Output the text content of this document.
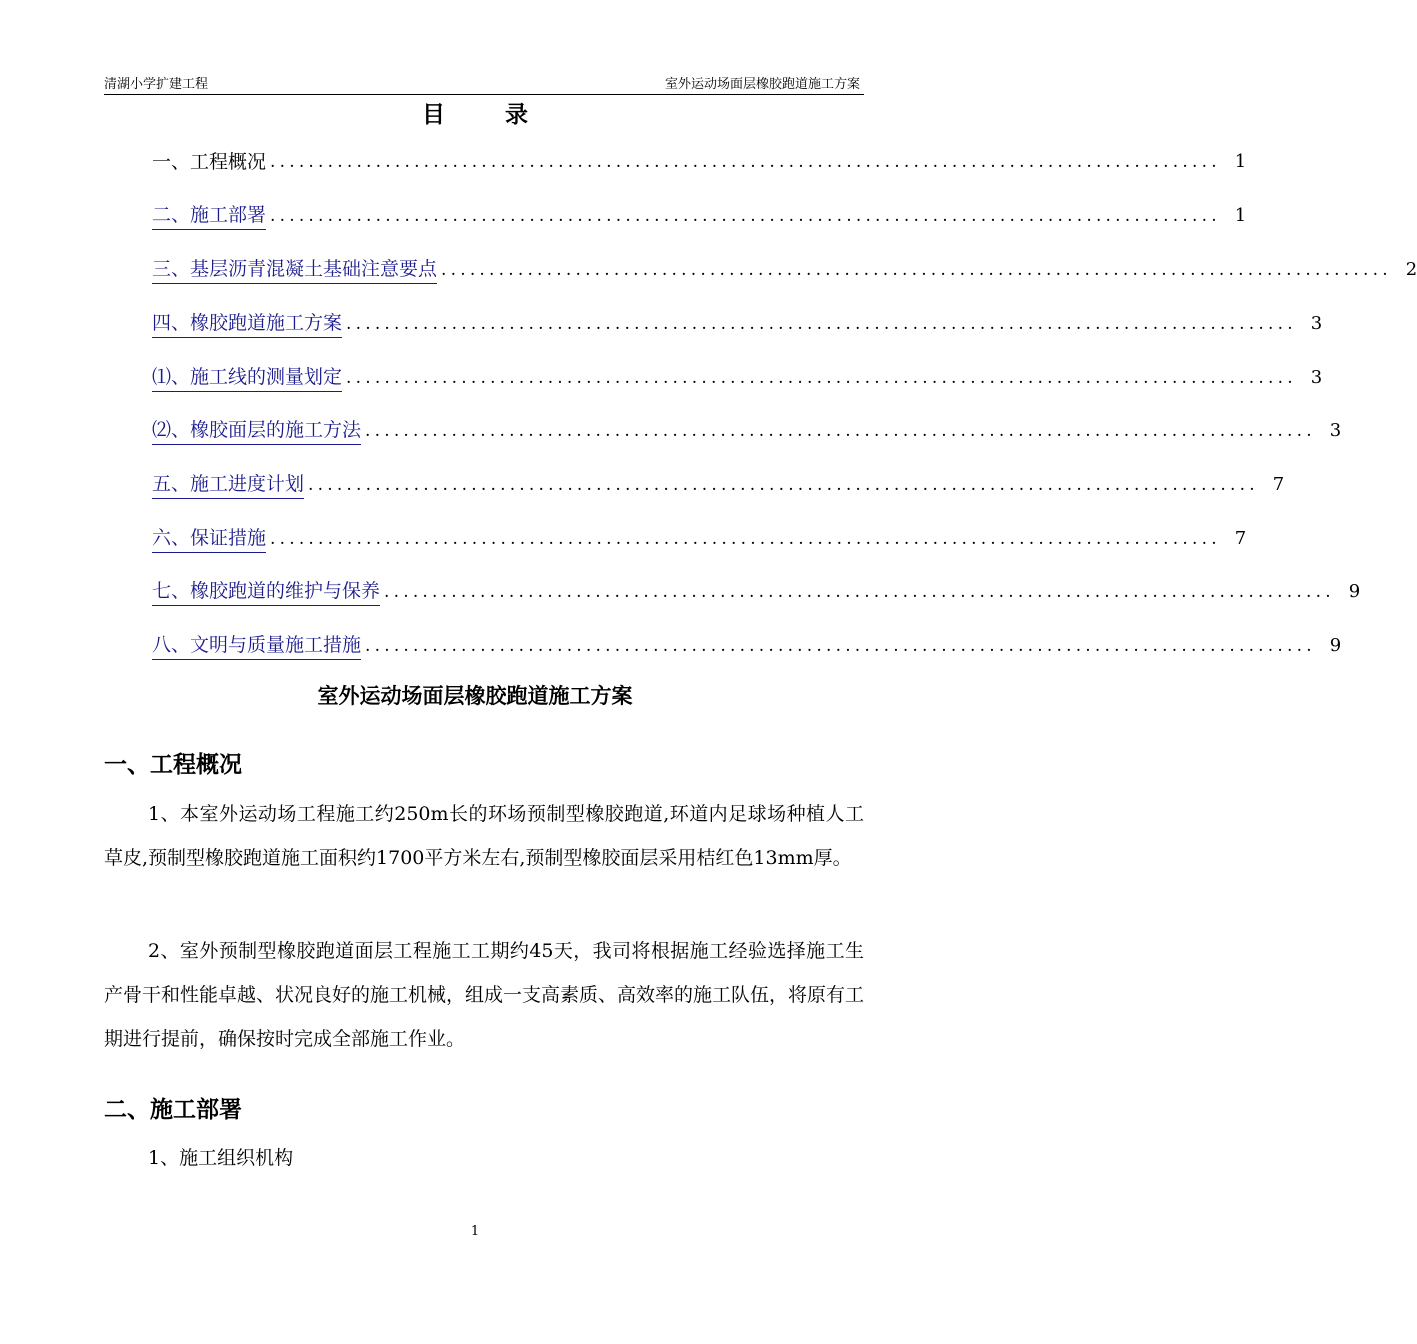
清湖小学扩建工程	室外运动场面层橡胶跑道施工方案
目 录
一、工程概况 ................................................................................................... 1
二、施工部署 ................................................................................................... 1
三、基层沥青混凝土基础注意要点 ................................................................................................... 2
四、橡胶跑道施工方案 ................................................................................................... 3
⑴、施工线的测量划定 ................................................................................................... 3
⑵、橡胶面层的施工方法 ................................................................................................... 3
五、施工进度计划 ................................................................................................... 7
六、保证措施 ................................................................................................... 7
七、橡胶跑道的维护与保养 ................................................................................................... 9
八、文明与质量施工措施 ................................................................................................... 9
室外运动场面层橡胶跑道施工方案
一、工程概况

1、本室外运动场工程施工约250m长的环场预制型橡胶跑道,环道内足球场种植人工草皮,预制型橡胶跑道施工面积约1700平方米左右,预制型橡胶面层采用桔红色13mm厚。

2、室外预制型橡胶跑道面层工程施工工期约45天，我司将根据施工经验选择施工生产骨干和性能卓越、状况良好的施工机械，组成一支高素质、高效率的施工队伍，将原有工期进行提前，确保按时完成全部施工作业。

二、施工部署

1、施工组织机构

1
